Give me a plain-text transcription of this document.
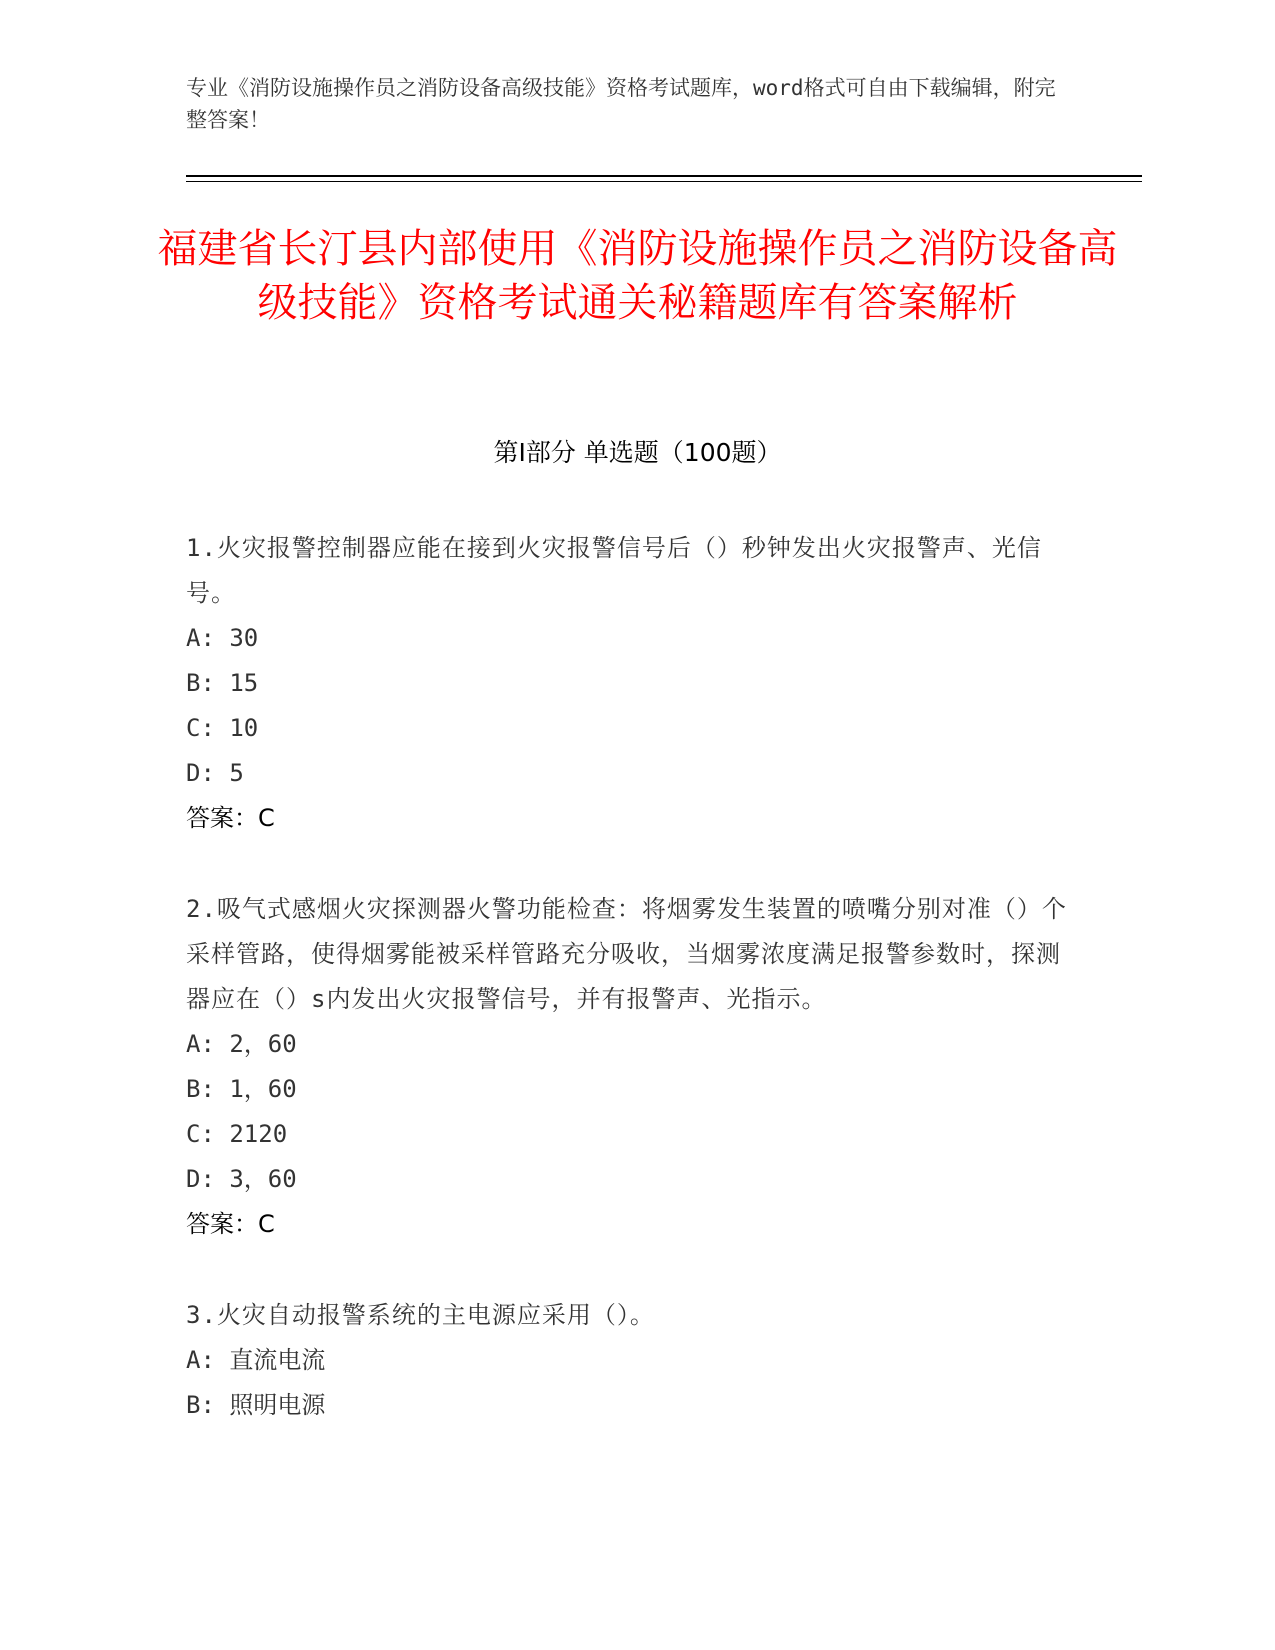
专业《消防设施操作员之消防设备高级技能》资格考试题库，word格式可自由下载编辑，附完整答案！
福建省长汀县内部使用《消防设施操作员之消防设备高级技能》资格考试通关秘籍题库有答案解析
第Ⅰ部分 单选题（100题）
1.火灾报警控制器应能在接到火灾报警信号后（）秒钟发出火灾报警声、光信号。
A: 30
B: 15
C: 10
D: 5
答案：C
2.吸气式感烟火灾探测器火警功能检查：将烟雾发生装置的喷嘴分别对准（）个采样管路，使得烟雾能被采样管路充分吸收，当烟雾浓度满足报警参数时，探测器应在（）s内发出火灾报警信号，并有报警声、光指示。
A: 2，60
B: 1，60
C: 2120
D: 3，60
答案：C
3.火灾自动报警系统的主电源应采用（）。
A: 直流电流
B: 照明电源
